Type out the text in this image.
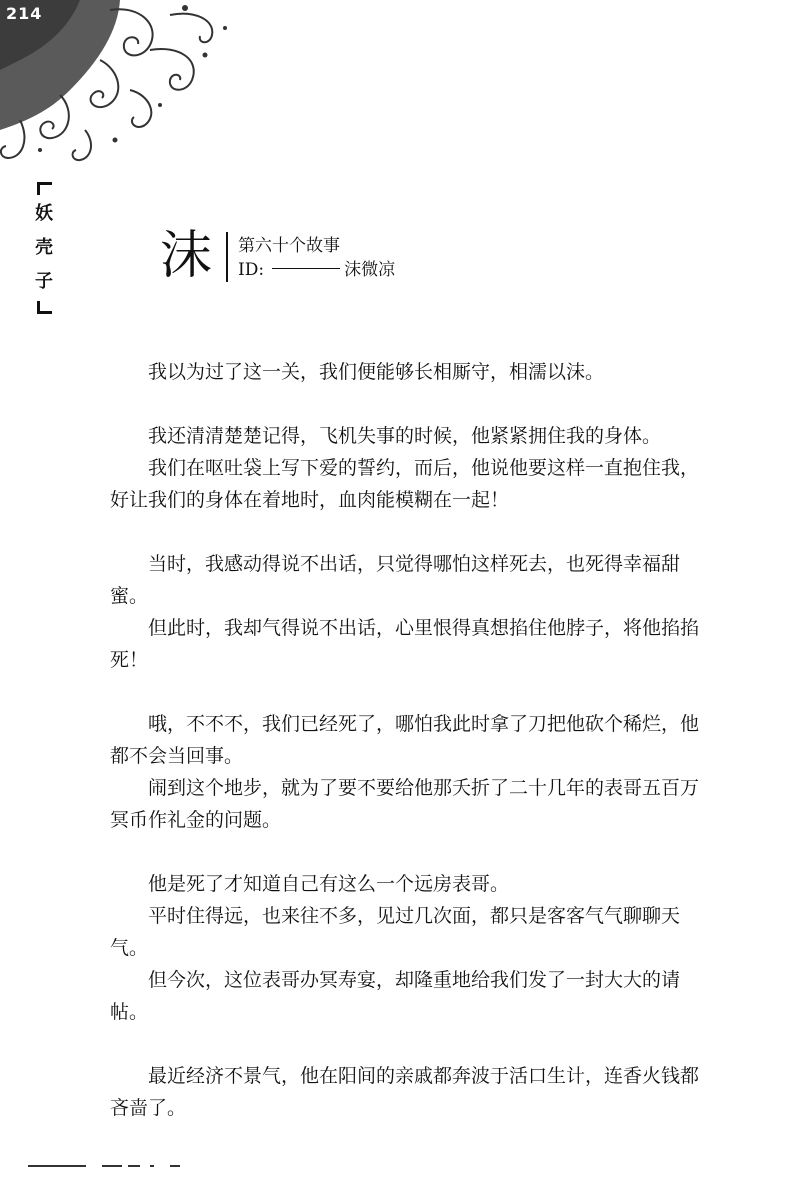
214
妖
壳
子 沫 第六十个故事
ID:	沫微凉

我以为过了这一关，我们便能够长相厮守，相濡以沫。

我还清清楚楚记得，飞机失事的时候，他紧紧拥住我的身体。

我们在呕吐袋上写下爱的誓约，而后，他说他要这样一直抱住我，好让我们的身体在着地时，血肉能模糊在一起！

当时，我感动得说不出话，只觉得哪怕这样死去，也死得幸福甜蜜。

但此时，我却气得说不出话，心里恨得真想掐住他脖子，将他掐掐死！

哦，不不不，我们已经死了，哪怕我此时拿了刀把他砍个稀烂，他都不会当回事。

闹到这个地步，就为了要不要给他那夭折了二十几年的表哥五百万冥币作礼金的问题。

他是死了才知道自己有这么一个远房表哥。

平时住得远，也来往不多，见过几次面，都只是客客气气聊聊天气。

但今次，这位表哥办冥寿宴，却隆重地给我们发了一封大大的请帖。

最近经济不景气，他在阳间的亲戚都奔波于活口生计，连香火钱都吝啬了。
